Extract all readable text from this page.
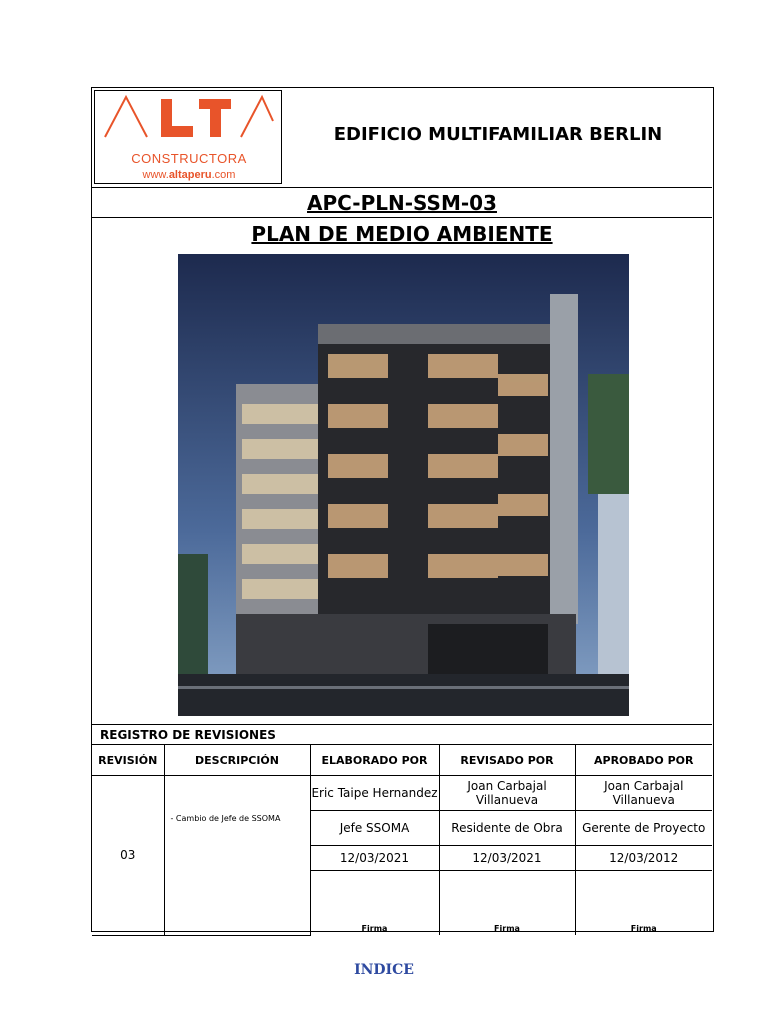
CONSTRUCTORA
www.altaperu.com
EDIFICIO MULTIFAMILIAR BERLIN
APC-PLN-SSM-03
PLAN DE MEDIO AMBIENTE
REGISTRO DE REVISIONES
REVISIÓN	DESCRIPCIÓN	ELABORADO POR	REVISADO POR	APROBADO POR
03	- Cambio de Jefe de SSOMA	Eric Taipe Hernandez	Joan Carbajal Villanueva	Joan Carbajal Villanueva
		Jefe SSOMA	Residente de Obra	Gerente de Proyecto
		12/03/2021	12/03/2021	12/03/2012
		Firma	Firma	Firma
INDICE
